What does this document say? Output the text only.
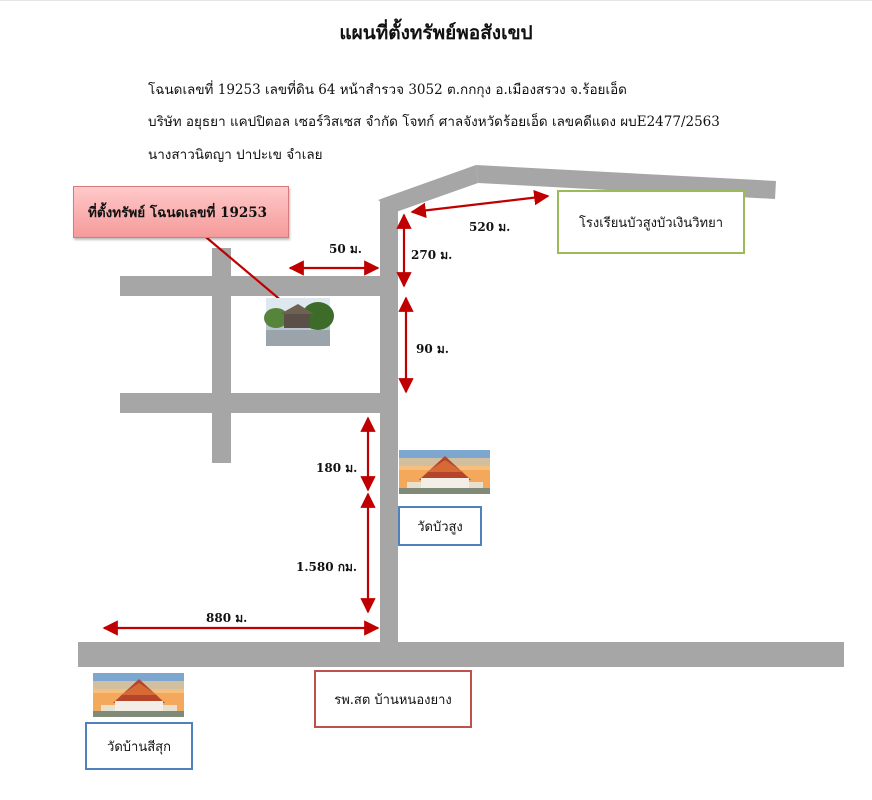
แผนที่ตั้งทรัพย์พอสังเขป
โฉนดเลขที่ 19253 เลขที่ดิน 64 หน้าสำรวจ 3052 ต.กกกุง อ.เมืองสรวง จ.ร้อยเอ็ด
บริษัท อยุธยา แคปปิตอล เซอร์วิสเซส จำกัด โจทก์ ศาลจังหวัดร้อยเอ็ด เลขคดีแดง ผบE2477/2563
นางสาวนิตญา ปาปะเข จำเลย
ที่ตั้งทรัพย์ โฉนดเลขที่ 19253
โรงเรียนบัวสูงบัวเงินวิทยา
วัดบัวสูง
วัดบ้านสีสุก
รพ.สต บ้านหนองยาง
50 ม.	270 ม.
520 ม.
90 ม.
180 ม.
1.580 กม.
880 ม.
